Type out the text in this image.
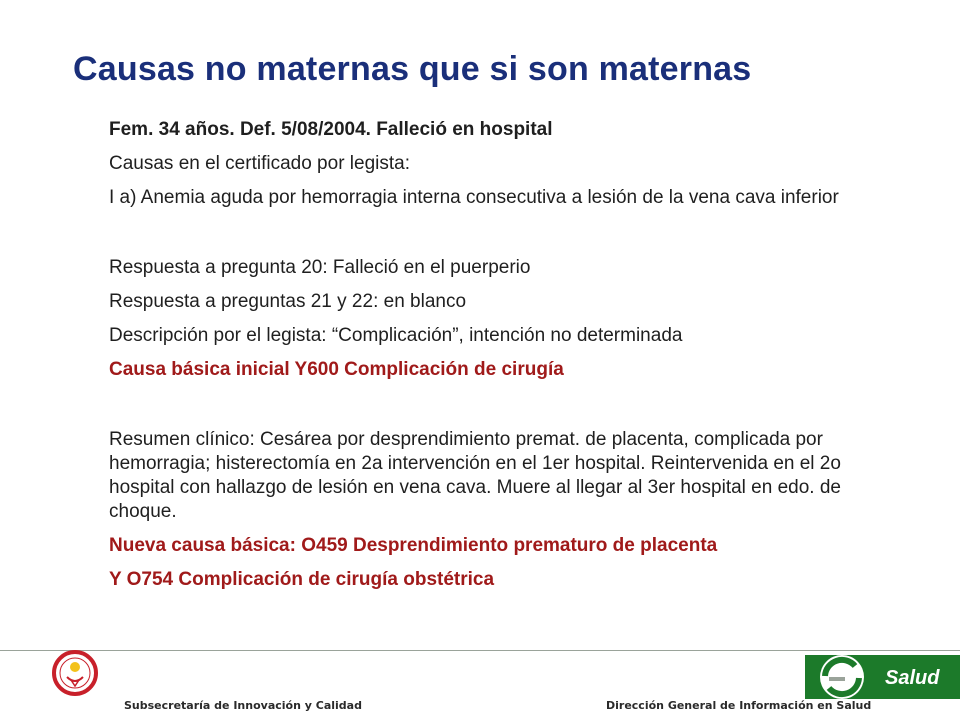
Causas no maternas que si son maternas

Fem. 34 años. Def. 5/08/2004. Falleció en hospital

Causas en el certificado por legista:

I a) Anemia aguda por hemorragia interna consecutiva a lesión de la vena cava inferior

Respuesta a pregunta 20: Falleció en el puerperio

Respuesta a preguntas 21 y 22: en blanco

Descripción por el legista: “Complicación”, intención no determinada

Causa básica inicial Y600 Complicación de cirugía

Resumen clínico: Cesárea por desprendimiento premat. de placenta, complicada por hemorragia; histerectomía en 2a intervención en el 1er hospital. Reintervenida en el 2o hospital con hallazgo de lesión en vena cava. Muere al llegar al 3er hospital en edo. de choque.

Nueva causa básica: O459 Desprendimiento prematuro de placenta

Y O754 Complicación de cirugía obstétrica

Salud
Subsecretaría de Innovación y Calidad	Dirección General de Información en Salud
